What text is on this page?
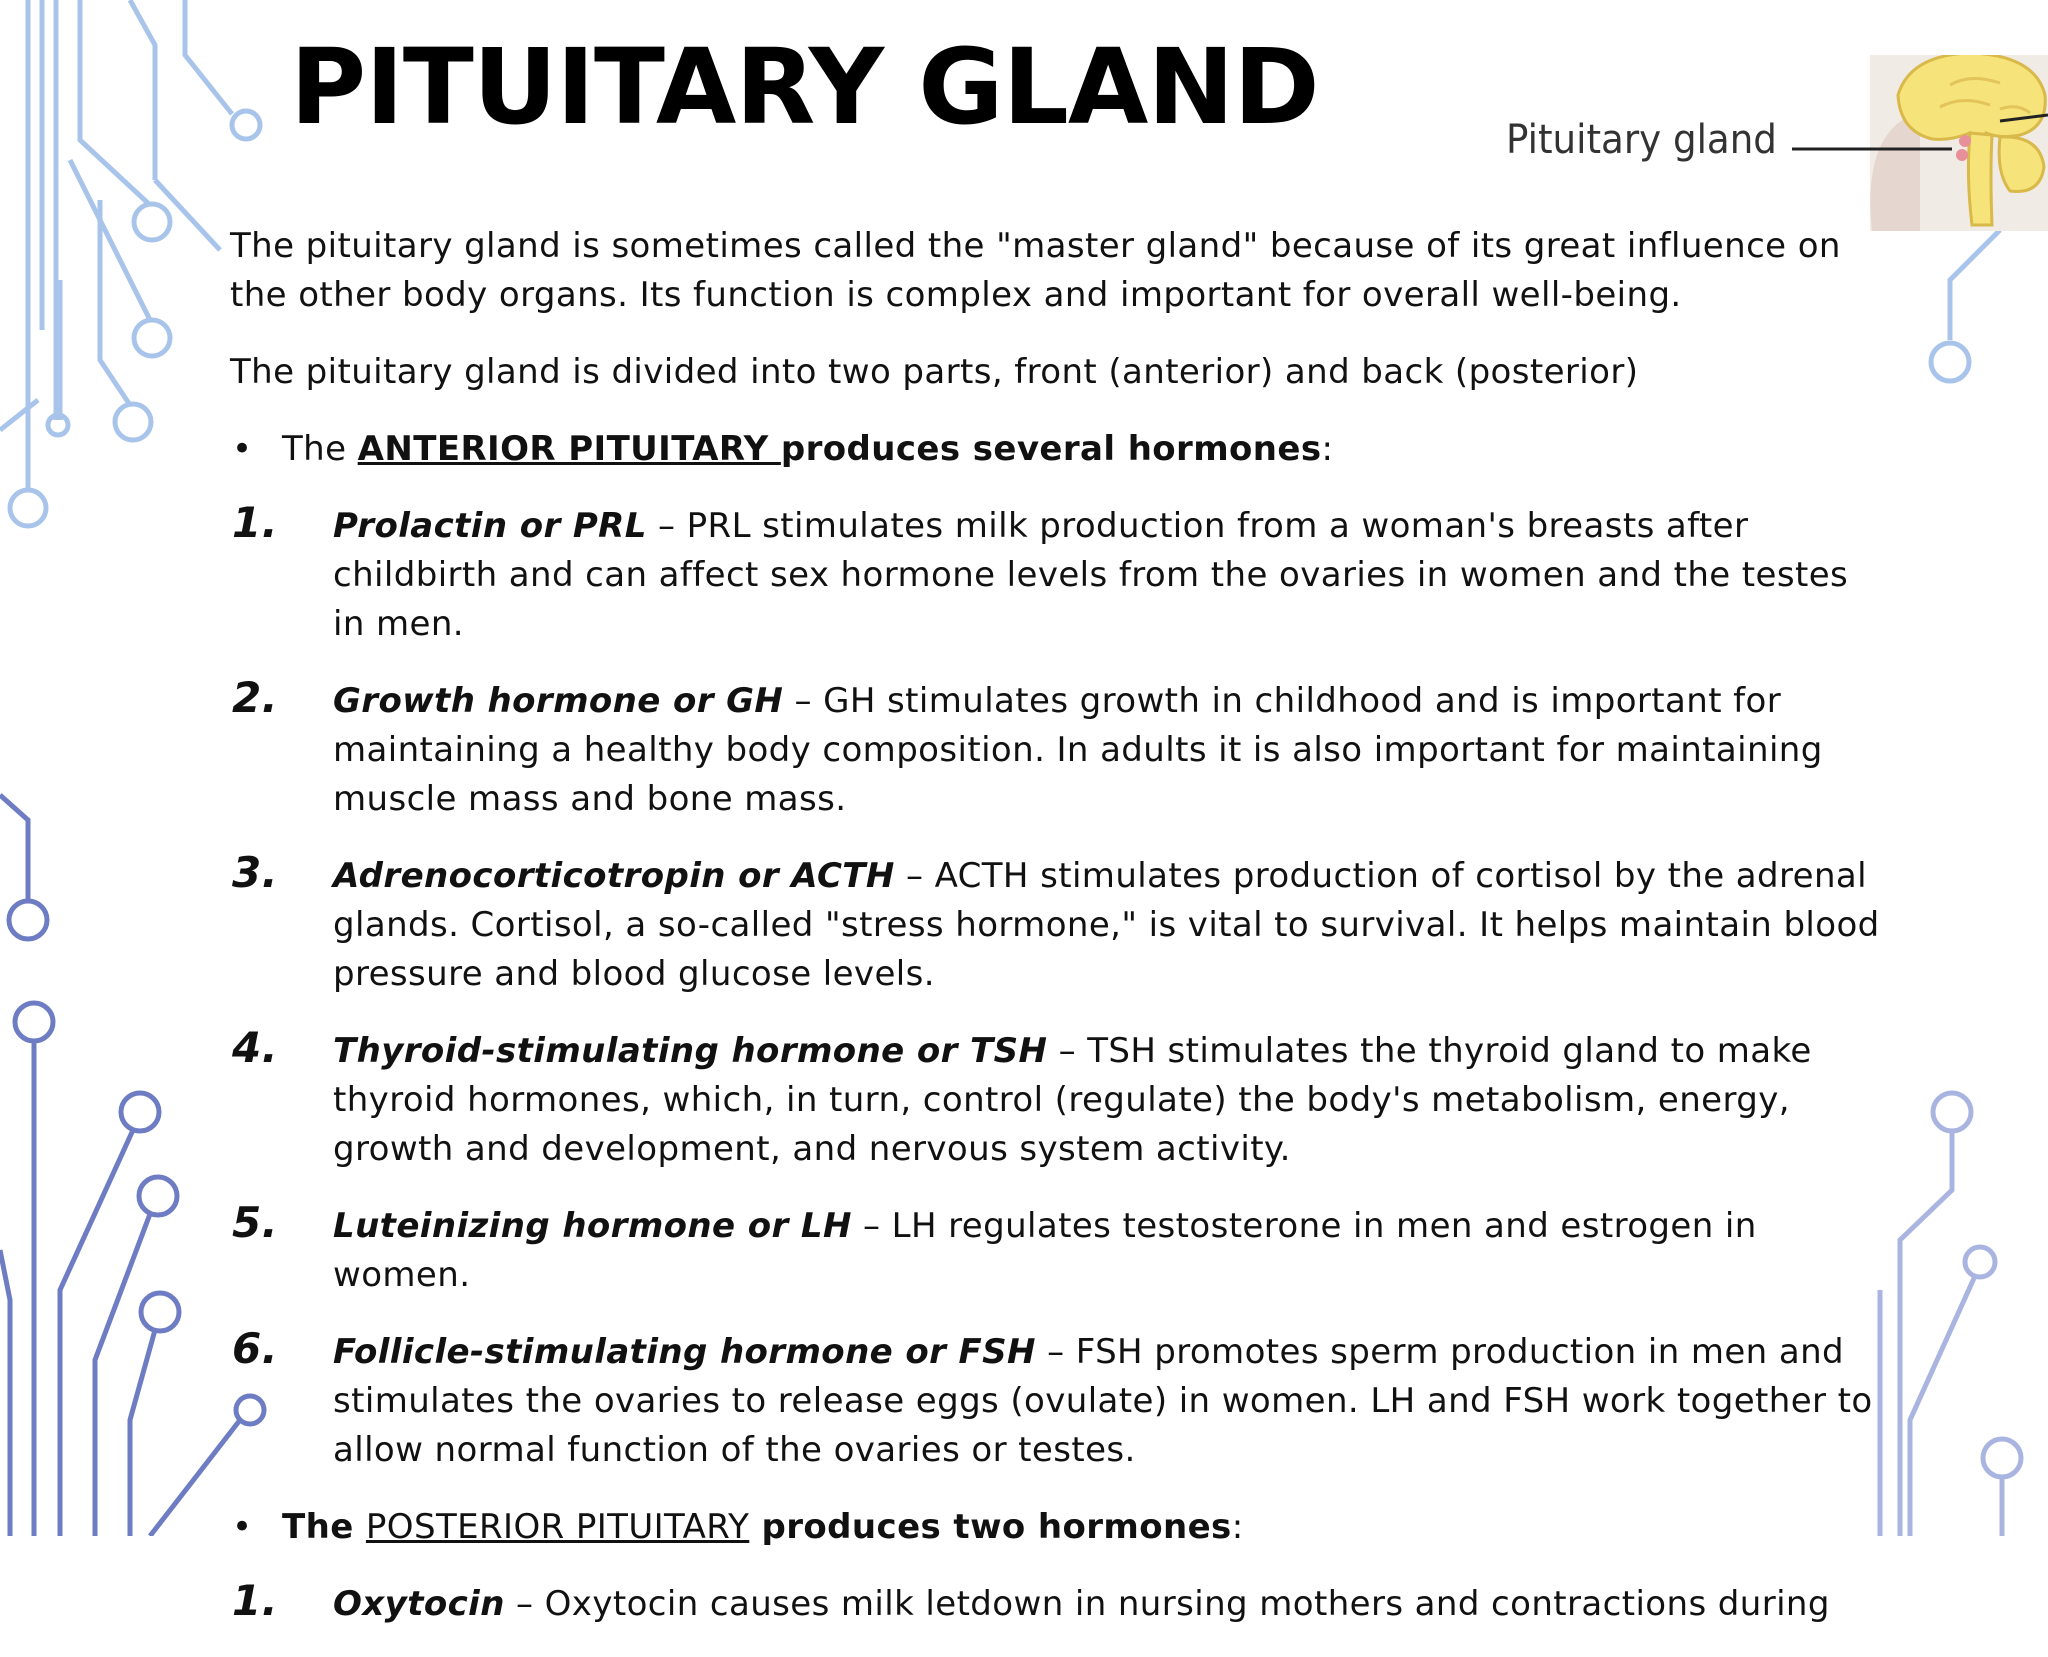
PITUITARY GLAND	Pituitary gland

The pituitary gland is sometimes called the "master gland" because of its great influence on the other body organs. Its function is complex and important for overall well-being.

The pituitary gland is divided into two parts, front (anterior) and back (posterior)

• The ANTERIOR PITUITARY produces several hormones:
1. Prolactin or PRL – PRL stimulates milk production from a woman's breasts after childbirth and can affect sex hormone levels from the ovaries in women and the testes in men.
2. Growth hormone or GH – GH stimulates growth in childhood and is important for maintaining a healthy body composition. In adults it is also important for maintaining muscle mass and bone mass.
3. Adrenocorticotropin or ACTH – ACTH stimulates production of cortisol by the adrenal glands. Cortisol, a so-called "stress hormone," is vital to survival. It helps maintain blood pressure and blood glucose levels.
4. Thyroid-stimulating hormone or TSH – TSH stimulates the thyroid gland to make thyroid hormones, which, in turn, control (regulate) the body's metabolism, energy, growth and development, and nervous system activity.
5. Luteinizing hormone or LH – LH regulates testosterone in men and estrogen in women.
6. Follicle-stimulating hormone or FSH – FSH promotes sperm production in men and stimulates the ovaries to release eggs (ovulate) in women. LH and FSH work together to allow normal function of the ovaries or testes.
• The POSTERIOR PITUITARY produces two hormones:
1. Oxytocin – Oxytocin causes milk letdown in nursing mothers and contractions during
